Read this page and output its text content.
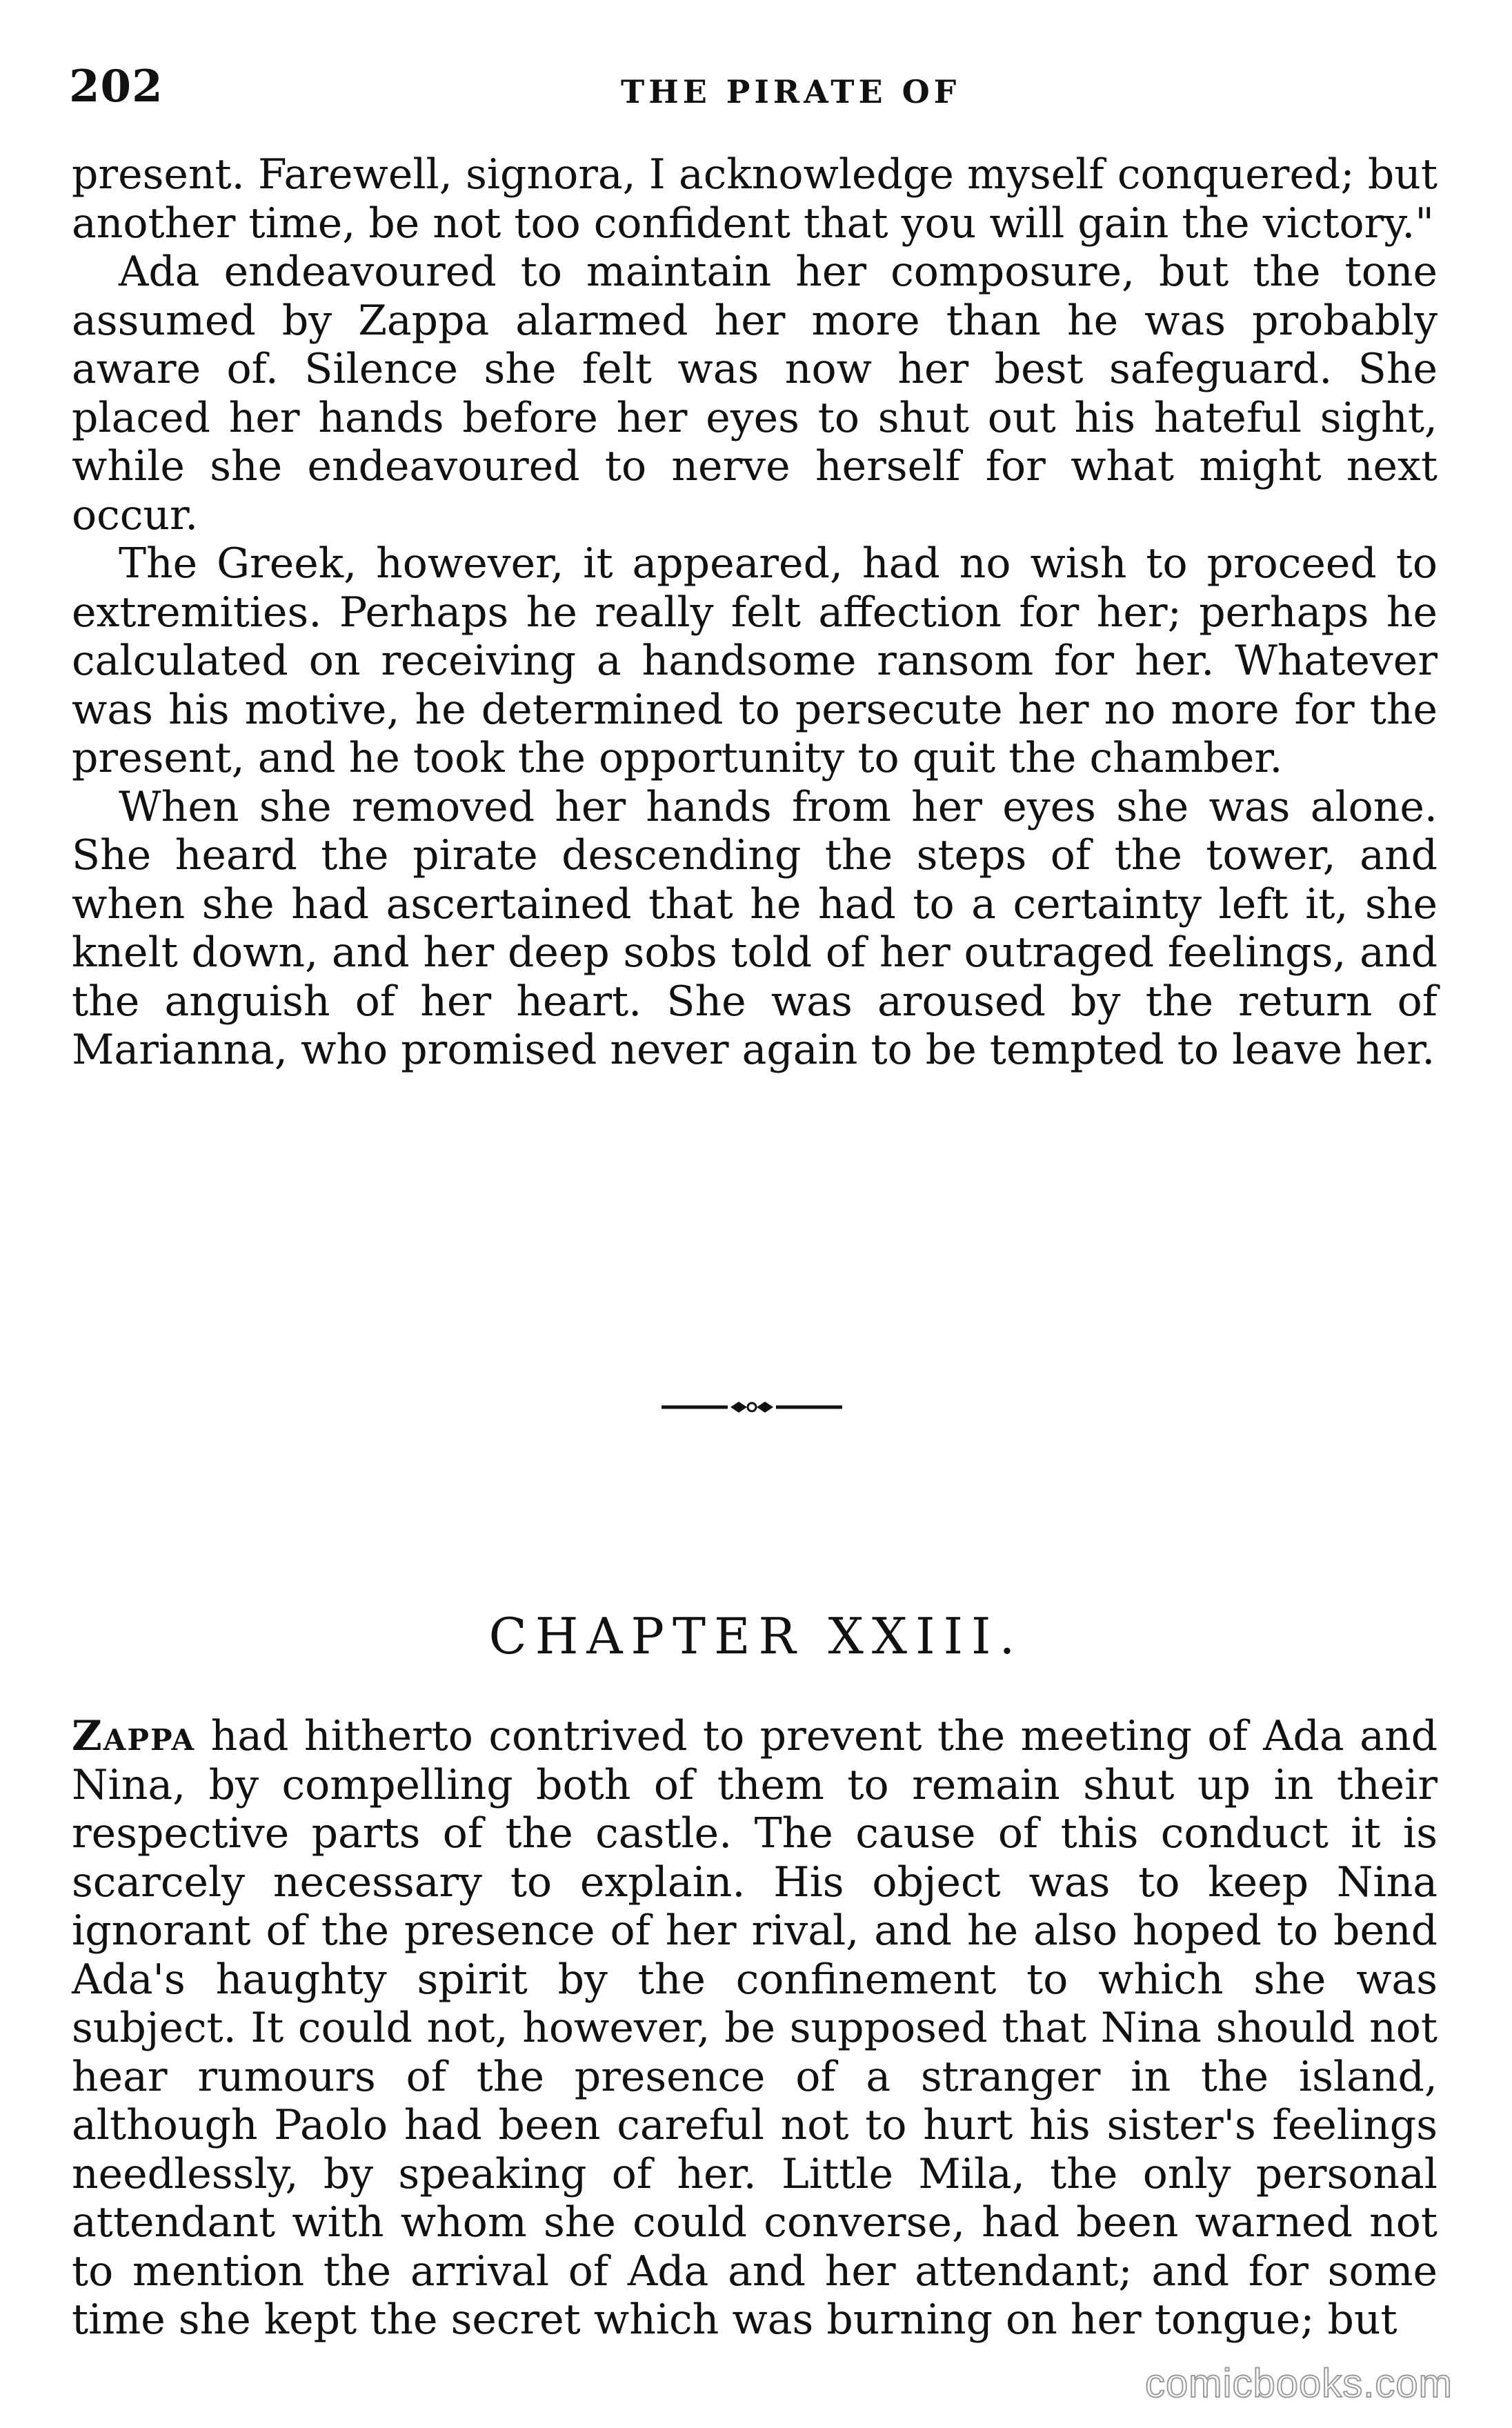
202	THE PIRATE OF

present. Farewell, signora, I acknowledge myself conquered; but another time, be not too confident that you will gain the victory."

Ada endeavoured to maintain her composure, but the tone assumed by Zappa alarmed her more than he was probably aware of. Silence she felt was now her best safeguard. She placed her hands before her eyes to shut out his hateful sight, while she endeavoured to nerve herself for what might next occur.

The Greek, however, it appeared, had no wish to proceed to extremities. Perhaps he really felt affection for her; perhaps he calculated on receiving a handsome ransom for her. Whatever was his motive, he determined to persecute her no more for the present, and he took the opportunity to quit the chamber.

When she removed her hands from her eyes she was alone. She heard the pirate descending the steps of the tower, and when she had ascertained that he had to a certainty left it, she knelt down, and her deep sobs told of her outraged feelings, and the anguish of her heart. She was aroused by the return of Marianna, who promised never again to be tempted to leave her.

CHAPTER XXIII.

Zappa had hitherto contrived to prevent the meeting of Ada and Nina, by compelling both of them to remain shut up in their respective parts of the castle. The cause of this conduct it is scarcely necessary to explain. His object was to keep Nina ignorant of the presence of her rival, and he also hoped to bend Ada's haughty spirit by the confinement to which she was subject. It could not, however, be supposed that Nina should not hear rumours of the presence of a stranger in the island, although Paolo had been careful not to hurt his sister's feelings needlessly, by speaking of her. Little Mila, the only personal attendant with whom she could converse, had been warned not to mention the arrival of Ada and her attendant; and for some time she kept the secret which was burning on her tongue; but

comicbooks.com
